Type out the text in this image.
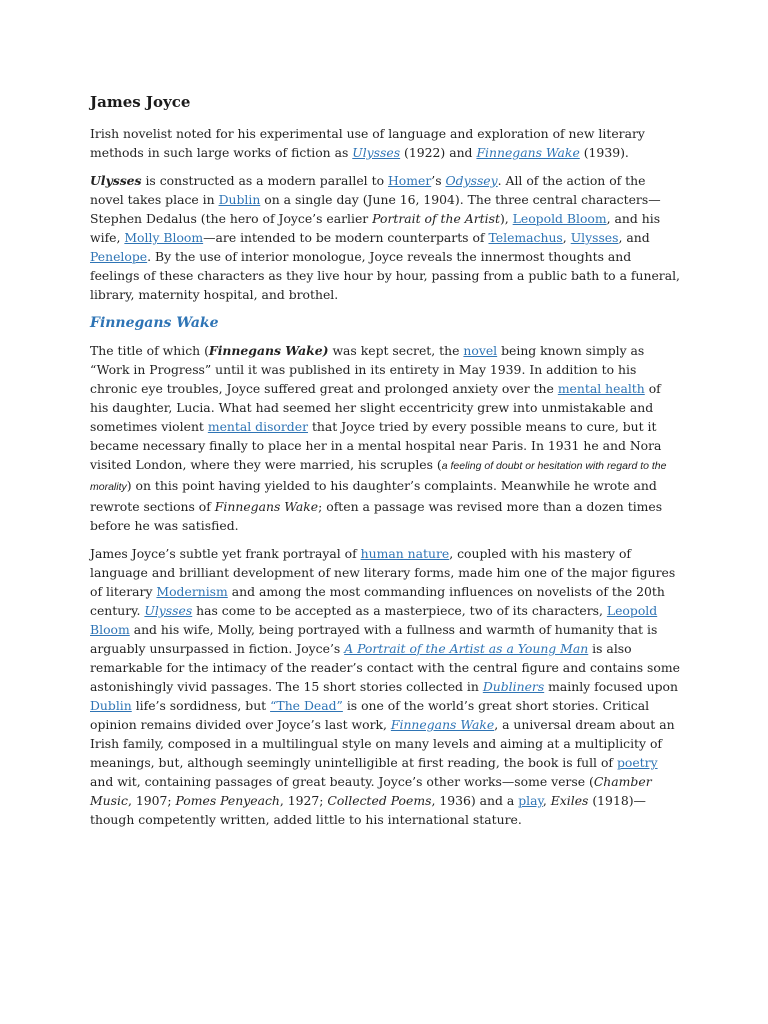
James Joyce

Irish novelist noted for his experimental use of language and exploration of new literary methods in such large works of fiction as Ulysses (1922) and Finnegans Wake (1939).

Ulysses is constructed as a modern parallel to Homer’s Odyssey. All of the action of the novel takes place in Dublin on a single day (June 16, 1904). The three central characters—Stephen Dedalus (the hero of Joyce’s earlier Portrait of the Artist), Leopold Bloom, and his wife, Molly Bloom—are intended to be modern counterparts of Telemachus, Ulysses, and Penelope. By the use of interior monologue, Joyce reveals the innermost thoughts and feelings of these characters as they live hour by hour, passing from a public bath to a funeral, library, maternity hospital, and brothel.

Finnegans Wake

The title of which (Finnegans Wake) was kept secret, the novel being known simply as “Work in Progress” until it was published in its entirety in May 1939. In addition to his chronic eye troubles, Joyce suffered great and prolonged anxiety over the mental health of his daughter, Lucia. What had seemed her slight eccentricity grew into unmistakable and sometimes violent mental disorder that Joyce tried by every possible means to cure, but it became necessary finally to place her in a mental hospital near Paris. In 1931 he and Nora visited London, where they were married, his scruples (a feeling of doubt or hesitation with regard to the morality) on this point having yielded to his daughter’s complaints. Meanwhile he wrote and rewrote sections of Finnegans Wake; often a passage was revised more than a dozen times before he was satisfied.

James Joyce’s subtle yet frank portrayal of human nature, coupled with his mastery of language and brilliant development of new literary forms, made him one of the major figures of literary Modernism and among the most commanding influences on novelists of the 20th century. Ulysses has come to be accepted as a masterpiece, two of its characters, Leopold Bloom and his wife, Molly, being portrayed with a fullness and warmth of humanity that is arguably unsurpassed in fiction. Joyce’s A Portrait of the Artist as a Young Man is also remarkable for the intimacy of the reader’s contact with the central figure and contains some astonishingly vivid passages. The 15 short stories collected in Dubliners mainly focused upon Dublin life’s sordidness, but “The Dead” is one of the world’s great short stories. Critical opinion remains divided over Joyce’s last work, Finnegans Wake, a universal dream about an Irish family, composed in a multilingual style on many levels and aiming at a multiplicity of meanings, but, although seemingly unintelligible at first reading, the book is full of poetry and wit, containing passages of great beauty. Joyce’s other works—some verse (Chamber Music, 1907; Pomes Penyeach, 1927; Collected Poems, 1936) and a play, Exiles (1918)—though competently written, added little to his international stature.
